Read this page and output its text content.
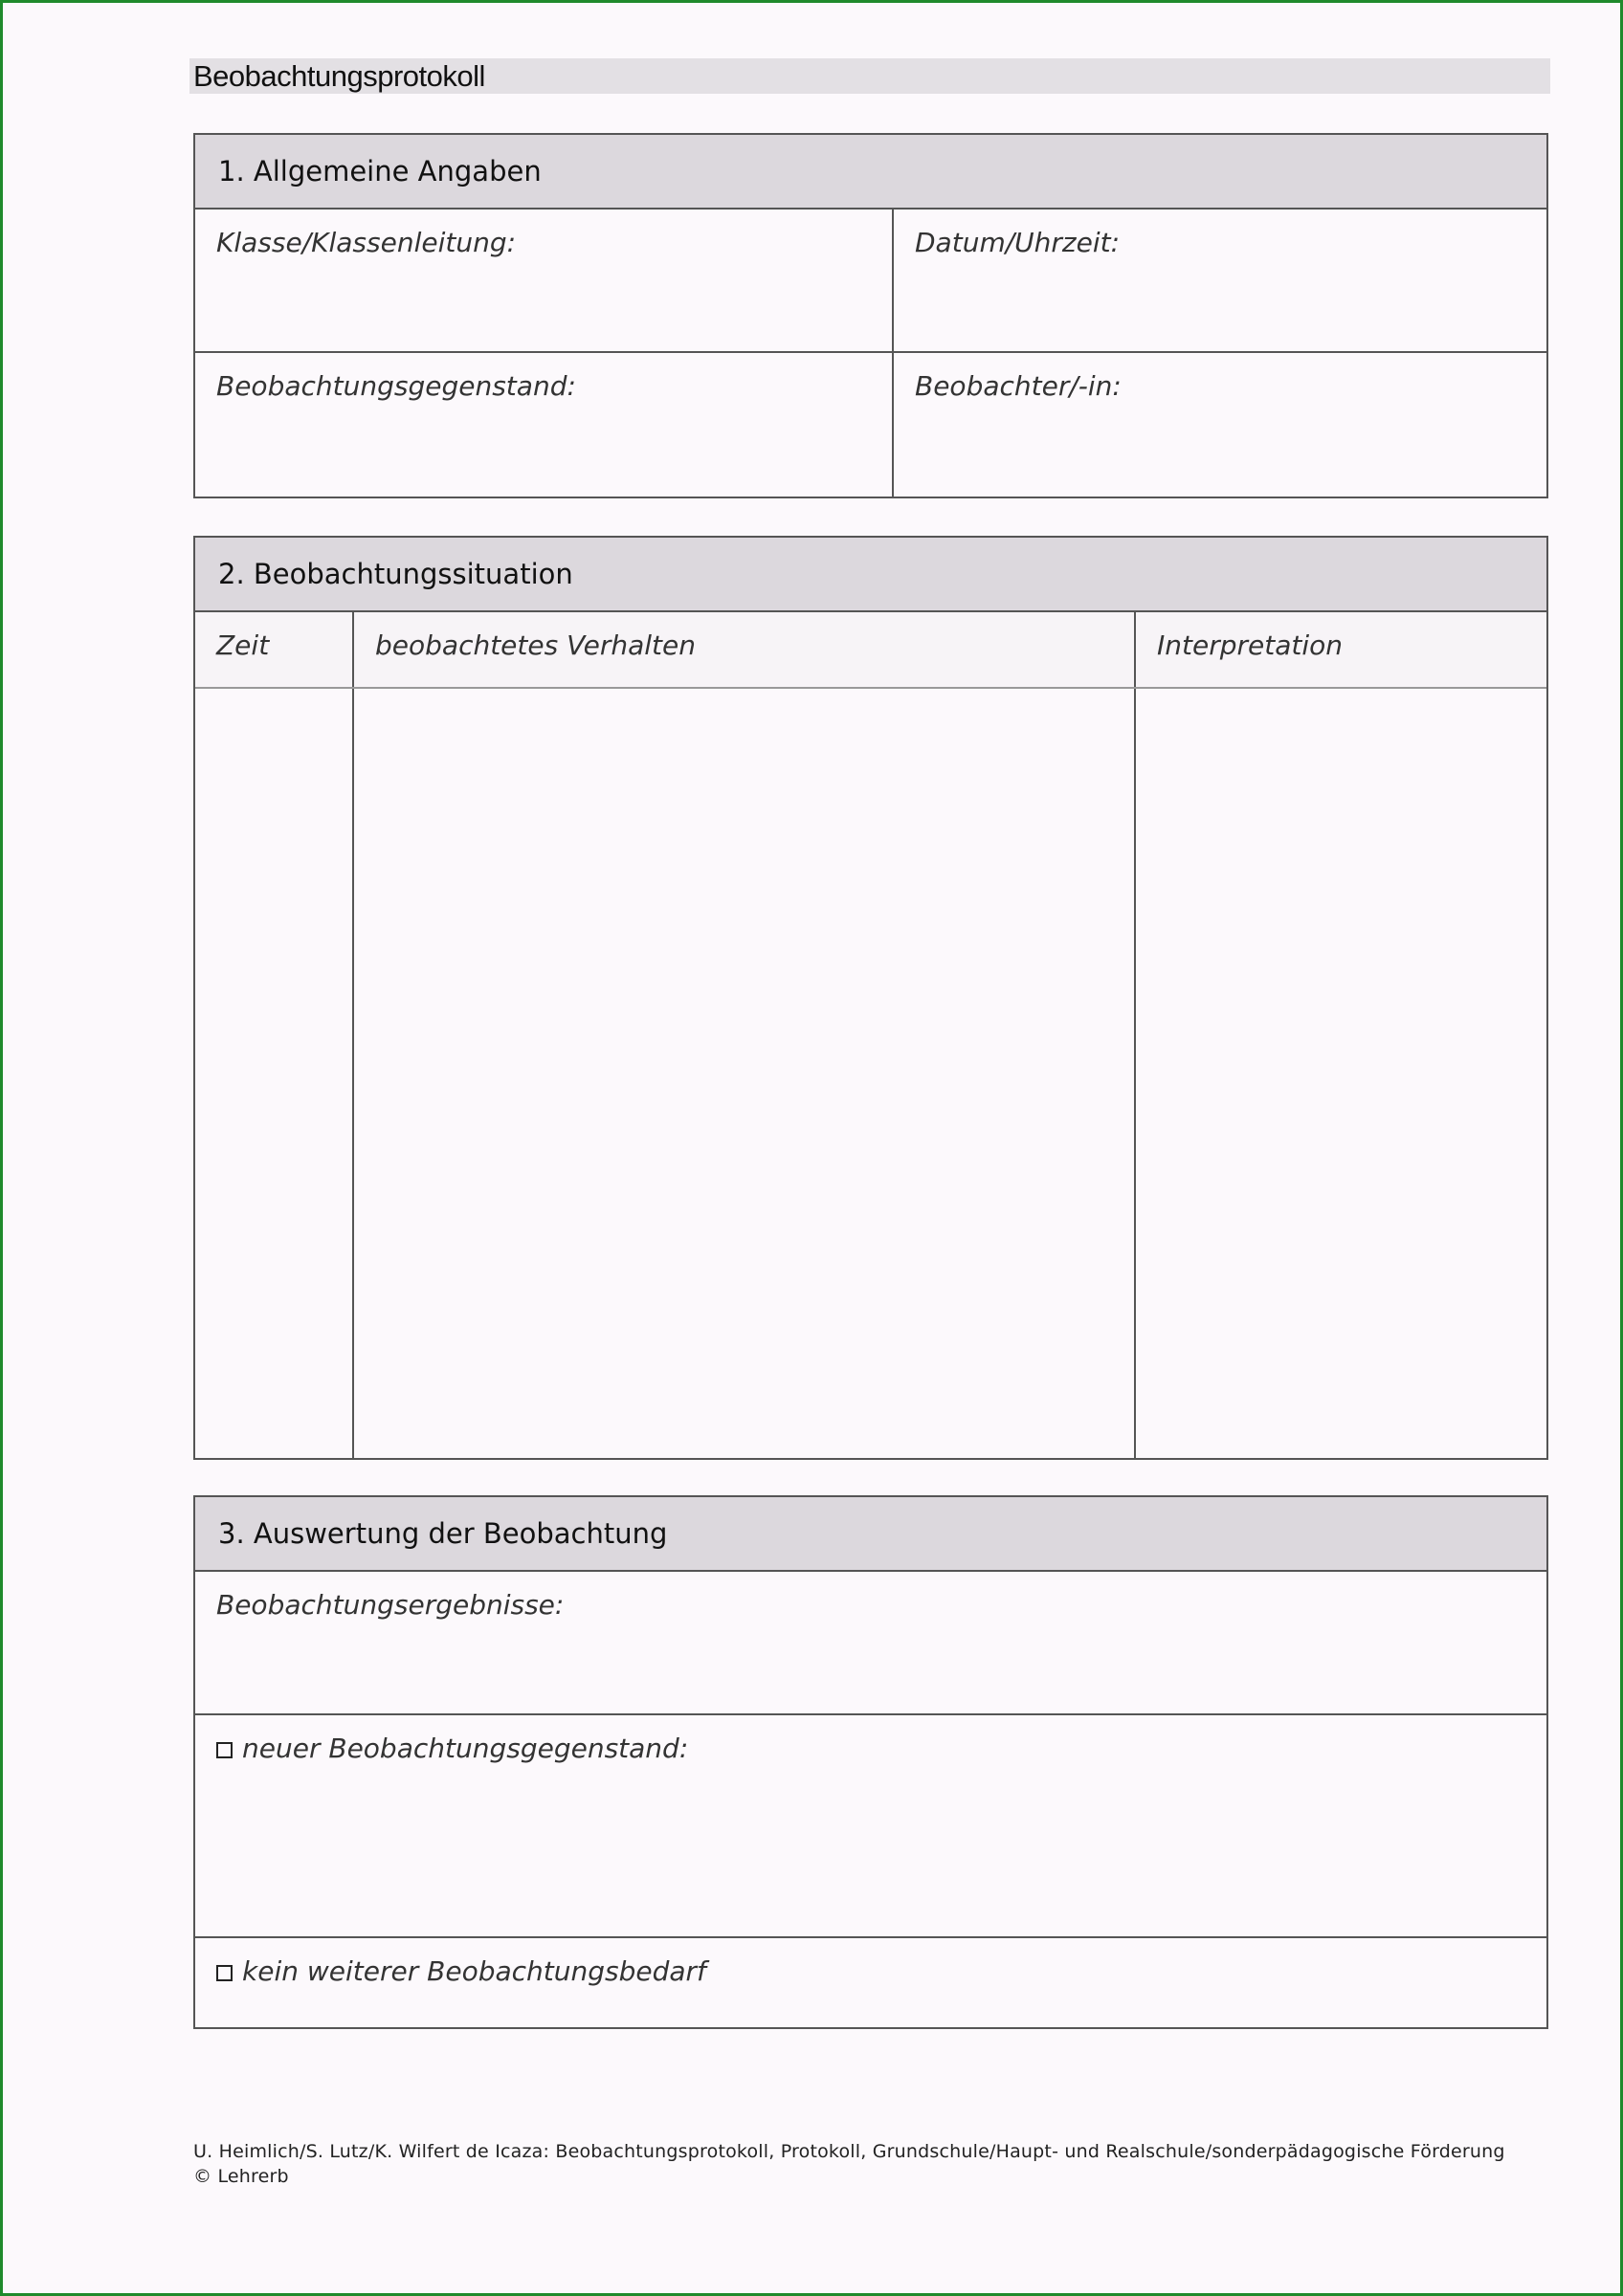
Beobachtungsprotokoll
1. Allgemeine Angaben
Klasse/Klassenleitung:	Datum/Uhrzeit:
Beobachtungsgegenstand:	Beobachter/-in:
2. Beobachtungssituation
Zeit	beobachtetes Verhalten	Interpretation
3. Auswertung der Beobachtung
Beobachtungsergebnisse:
neuer Beobachtungsgegenstand:
kein weiterer Beobachtungsbedarf
U. Heimlich/S. Lutz/K. Wilfert de Icaza: Beobachtungsprotokoll, Protokoll, Grundschule/Haupt- und Realschule/sonderpädagogische Förderung
© Lehrerb
